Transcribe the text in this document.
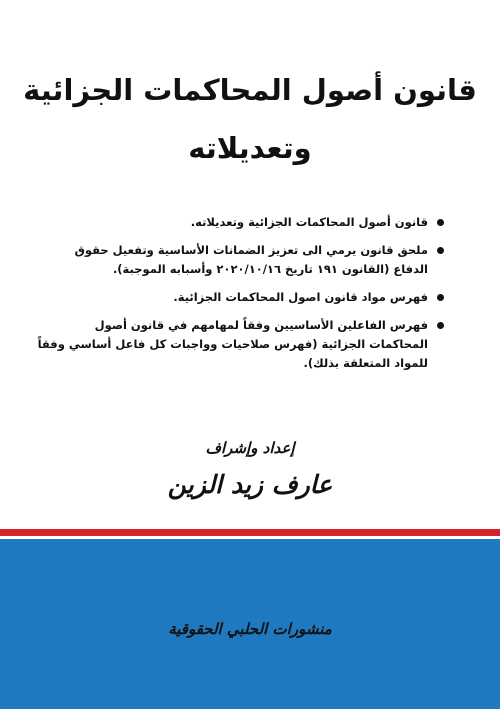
قانون أصول المحاكمات الجزائية
وتعديلاته
قانون أصول المحاكمات الجزائية وتعديلاته.
ملحق قانون يرمي الى تعزيز الضمانات الأساسية وتفعيل حقوق الدفاع (القانون ١٩١ تاريخ ٢٠٢٠/١٠/١٦ وأسبابه الموجبة).
فهرس مواد قانون اصول المحاكمات الجزائية.
فهرس الفاعلين الأساسيين وفقاً لمهامهم في قانون أصول المحاكمات الجزائية (فهرس صلاحيات وواجبات كل فاعل أساسي وفقاً للمواد المتعلقة بذلك).
إعداد وإشراف
عارف زيد الزين
منشورات الحلبي الحقوقية
